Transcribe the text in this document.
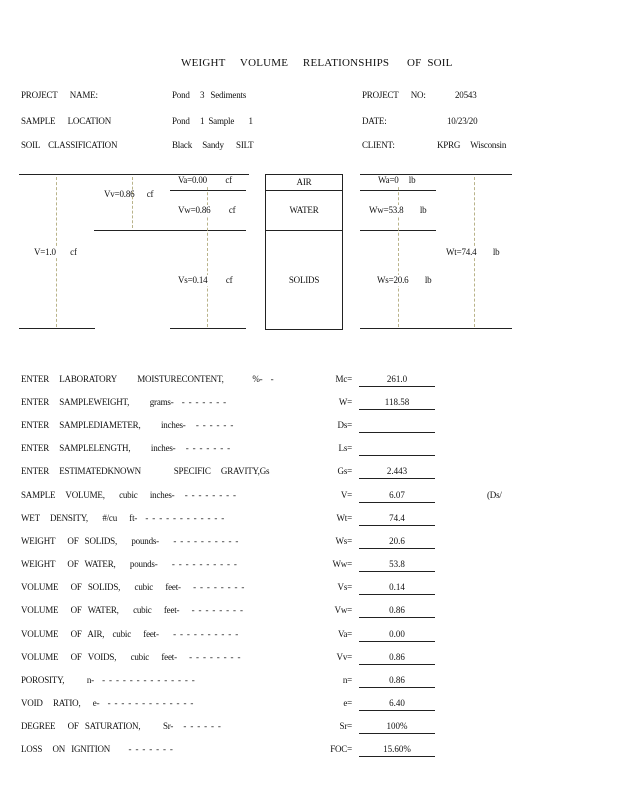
WEIGHT     VOLUME     RELATIONSHIPS      OF  SOIL
PROJECT      NAME:	Pond     3   Sediments
SAMPLE      LOCATION	Pond     1  Sample       1
SOIL    CLASSIFICATION	Black     Sandy      SILT
PROJECT      NO:	20543
DATE:	10/23/20
CLIENT:	KPRG     Wisconsin
Vv=0.86      cf
Va=0.00         cf
Vw=0.86         cf
V=1.0       cf
Vs=0.14         cf
AIR
WATER
SOLIDS
Wa=0     lb
Ww=53.8        lb
Wt=74.4        lb
Ws=20.6        lb
ENTER     LABORATORY          MOISTURECONTENT,              %-    -	Mc=	261.0
ENTER     SAMPLEWEIGHT,          grams-    -  -  -  -  -  -  -	W=	118.58
ENTER     SAMPLEDIAMETER,          inches-     -  -  -  -  -  -	Ds=
ENTER     SAMPLELENGTH,          inches-     -  -  -  -  -  -  -	Ls=
ENTER     ESTIMATEDKNOWN                SPECIFIC     GRAVITY,Gs	Gs=	2.443
SAMPLE     VOLUME,       cubic      inches-     -  -  -  -  -  -  -  -	V=	6.07	(Ds/
WET     DENSITY,       #/cu      ft-    -  -  -  -  -  -  -  -  -  -  -  -	Wt=	74.4
WEIGHT      OF   SOLIDS,       pounds-       -  -  -  -  -  -  -  -  -  -	Ws=	20.6
WEIGHT      OF   WATER,       pounds-       -  -  -  -  -  -  -  -  -  -	Ww=	53.8
VOLUME      OF   SOLIDS,       cubic      feet-      -  -  -  -  -  -  -  -	Vs=	0.14
VOLUME      OF   WATER,       cubic      feet-      -  -  -  -  -  -  -  -	Vw=	0.86
VOLUME      OF   AIR,    cubic      feet-       -  -  -  -  -  -  -  -  -  -	Va=	0.00
VOLUME      OF   VOIDS,       cubic      feet-      -  -  -  -  -  -  -  -	Vv=	0.86
POROSITY,           n-    -  -  -  -  -  -  -  -  -  -  -  -  -  -	n=	0.86
VOID     RATIO,      e-    -  -  -  -  -  -  -  -  -  -  -  -  -	e=	6.40
DEGREE      OF   SATURATION,           Sr-     -  -  -  -  -  -	Sr=	100%
LOSS     ON   IGNITION         -  -  -  -  -  -  -	FOC=	15.60%
